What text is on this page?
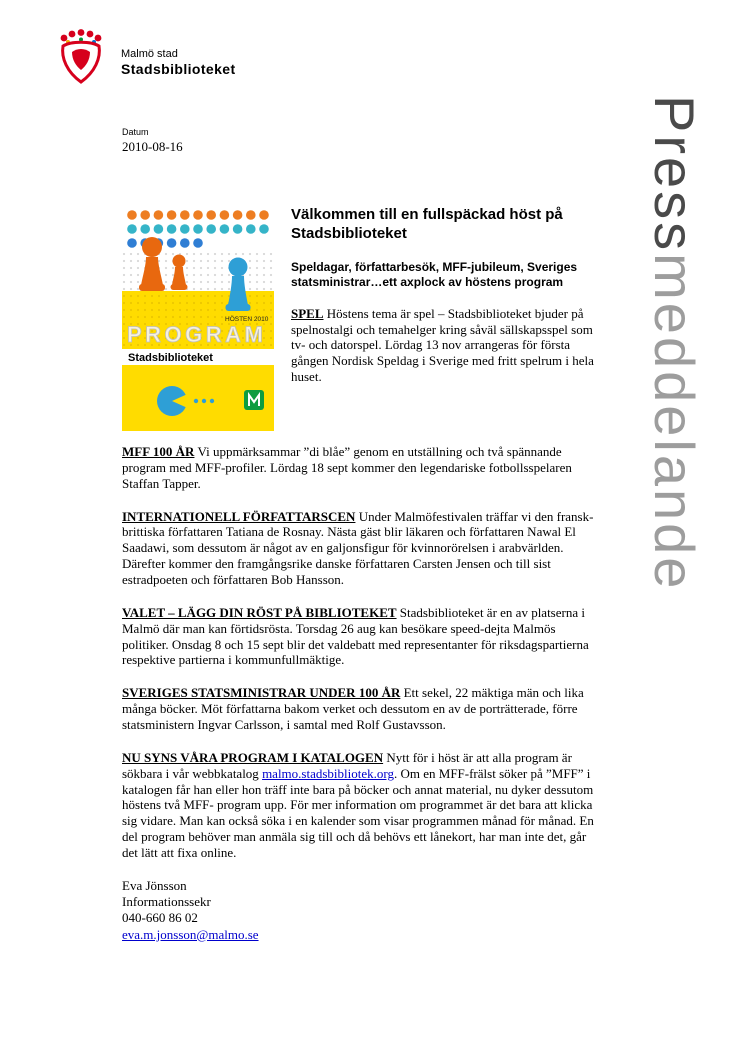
Malmö stad
Stadsbiblioteket
Pressmeddelande
Datum
2010-08-16
HÖSTEN 2010
PROGRAM
Stadsbiblioteket
Välkommen till en fullspäckad höst på Stadsbiblioteket
Speldagar, författarbesök, MFF-jubileum, Sveriges statsministrar…ett axplock av höstens program

SPEL Höstens tema är spel – Stadsbiblioteket bjuder på spelnostalgi och temahelger kring såväl sällskapsspel som tv- och datorspel. Lördag 13 nov arrangeras för första gången Nordisk Speldag i Sverige med fritt spelrum i hela huset.

MFF 100 ÅR Vi uppmärksammar ”di blåe” genom en utställning och två spännande program med MFF-profiler. Lördag 18 sept kommer den legendariske fotbollsspelaren Staffan Tapper.

INTERNATIONELL FÖRFATTARSCEN Under Malmöfestivalen träffar vi den fransk-brittiska författaren Tatiana de Rosnay. Nästa gäst blir läkaren och författaren Nawal El Saadawi, som dessutom är något av en galjonsfigur för kvinnorörelsen i arabvärlden. Därefter kommer den framgångsrike danske författaren Carsten Jensen och till sist estradpoeten och författaren Bob Hansson.

VALET – LÄGG DIN RÖST PÅ BIBLIOTEKET Stadsbiblioteket är en av platserna i Malmö där man kan förtidsrösta. Torsdag 26 aug kan besökare speed-dejta Malmös politiker. Onsdag 8 och 15 sept blir det valdebatt med representanter för riksdagspartierna respektive partierna i kommunfullmäktige.

SVERIGES STATSMINISTRAR UNDER 100 ÅR Ett sekel, 22 mäktiga män och lika många böcker. Möt författarna bakom verket och dessutom en av de porträtterade, förre statsministern Ingvar Carlsson, i samtal med Rolf Gustavsson.

NU SYNS VÅRA PROGRAM I KATALOGEN Nytt för i höst är att alla program är sökbara i vår webbkatalog malmo.stadsbibliotek.org. Om en MFF-frälst söker på ”MFF” i katalogen får han eller hon träff inte bara på böcker och annat material, nu dyker dessutom höstens två MFF- program upp. För mer information om programmet är det bara att klicka sig vidare. Man kan också söka i en kalender som visar programmen månad för månad. En del program behöver man anmäla sig till och då behövs ett lånekort, har man inte det, går det lätt att fixa online.

Eva Jönsson
Informationssekr
040-660 86 02
eva.m.jonsson@malmo.se
